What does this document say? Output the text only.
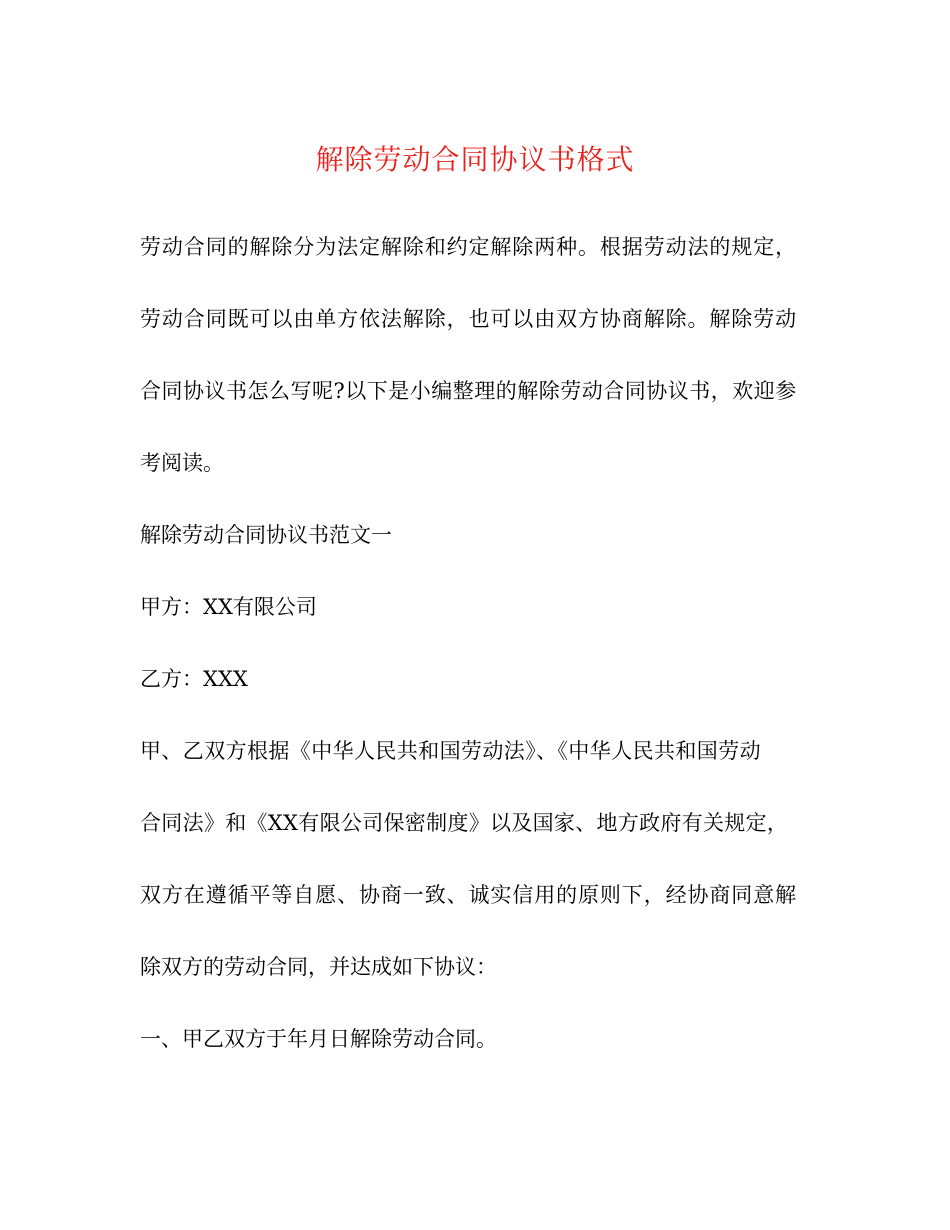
解除劳动合同协议书格式
劳动合同的解除分为法定解除和约定解除两种。根据劳动法的规定，
劳动合同既可以由单方依法解除，也可以由双方协商解除。解除劳动
合同协议书怎么写呢?以下是小编整理的解除劳动合同协议书，欢迎参
考阅读。
解除劳动合同协议书范文一
甲方：XX有限公司
乙方：XXX
甲、乙双方根据《中华人民共和国劳动法》、《中华人民共和国劳动
合同法》和《XX有限公司保密制度》以及国家、地方政府有关规定，
双方在遵循平等自愿、协商一致、诚实信用的原则下，经协商同意解
除双方的劳动合同，并达成如下协议：
一、甲乙双方于年月日解除劳动合同。
